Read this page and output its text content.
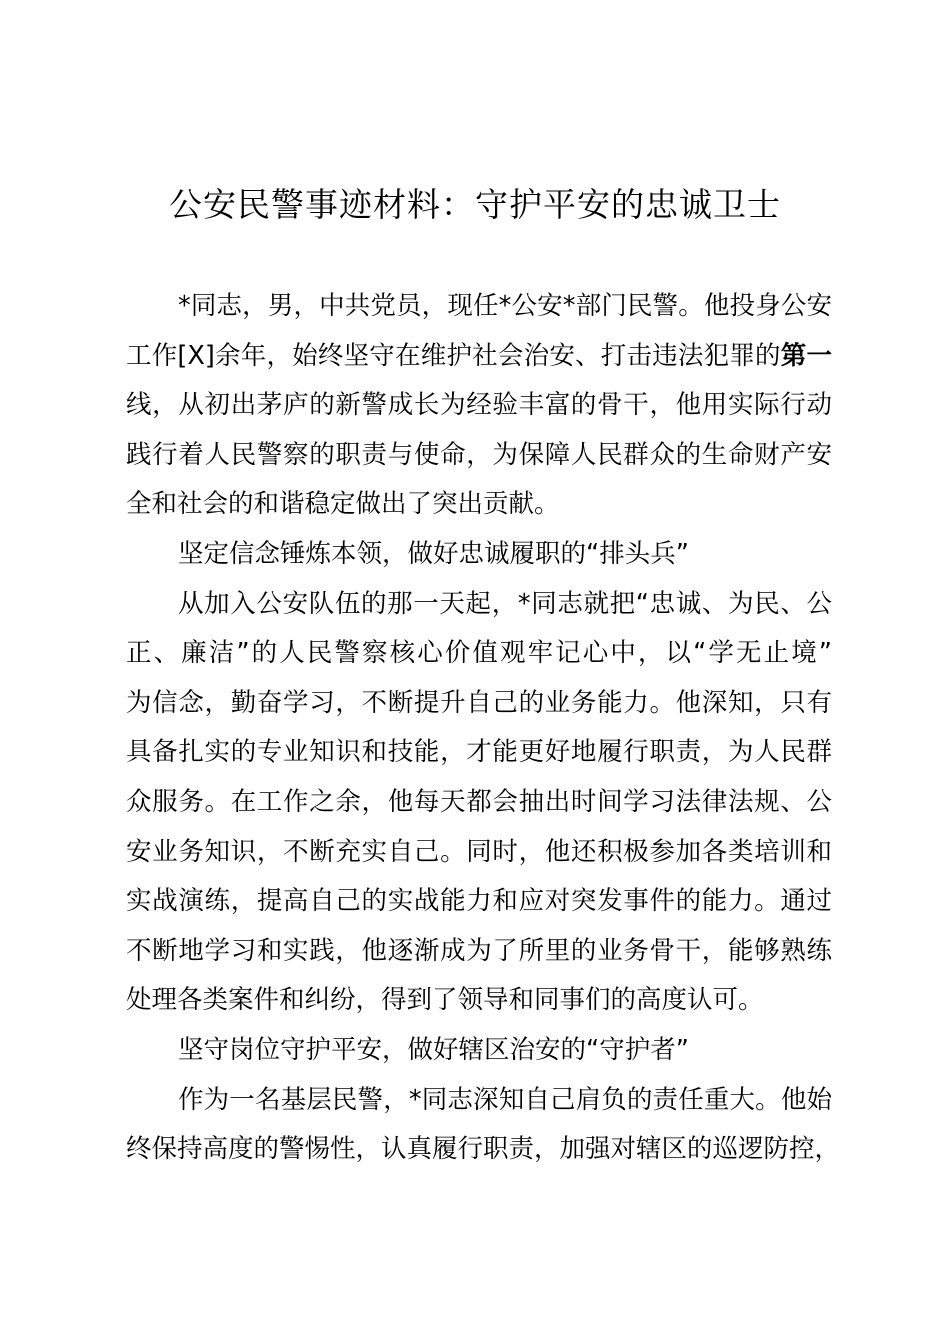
公安民警事迹材料：守护平安的忠诚卫士
*同志，男，中共党员，现任*公安*部门民警。他投身公安
工作[X]余年，始终坚守在维护社会治安、打击违法犯罪的第一
线，从初出茅庐的新警成长为经验丰富的骨干，他用实际行动
践行着人民警察的职责与使命，为保障人民群众的生命财产安
全和社会的和谐稳定做出了突出贡献。
坚定信念锤炼本领，做好忠诚履职的“排头兵”
从加入公安队伍的那一天起，*同志就把“忠诚、为民、公
正、廉洁”的人民警察核心价值观牢记心中，以“学无止境”
为信念，勤奋学习，不断提升自己的业务能力。他深知，只有
具备扎实的专业知识和技能，才能更好地履行职责，为人民群
众服务。在工作之余，他每天都会抽出时间学习法律法规、公
安业务知识，不断充实自己。同时，他还积极参加各类培训和
实战演练，提高自己的实战能力和应对突发事件的能力。通过
不断地学习和实践，他逐渐成为了所里的业务骨干，能够熟练
处理各类案件和纠纷，得到了领导和同事们的高度认可。
坚守岗位守护平安，做好辖区治安的“守护者”
作为一名基层民警，*同志深知自己肩负的责任重大。他始
终保持高度的警惕性，认真履行职责，加强对辖区的巡逻防控，
